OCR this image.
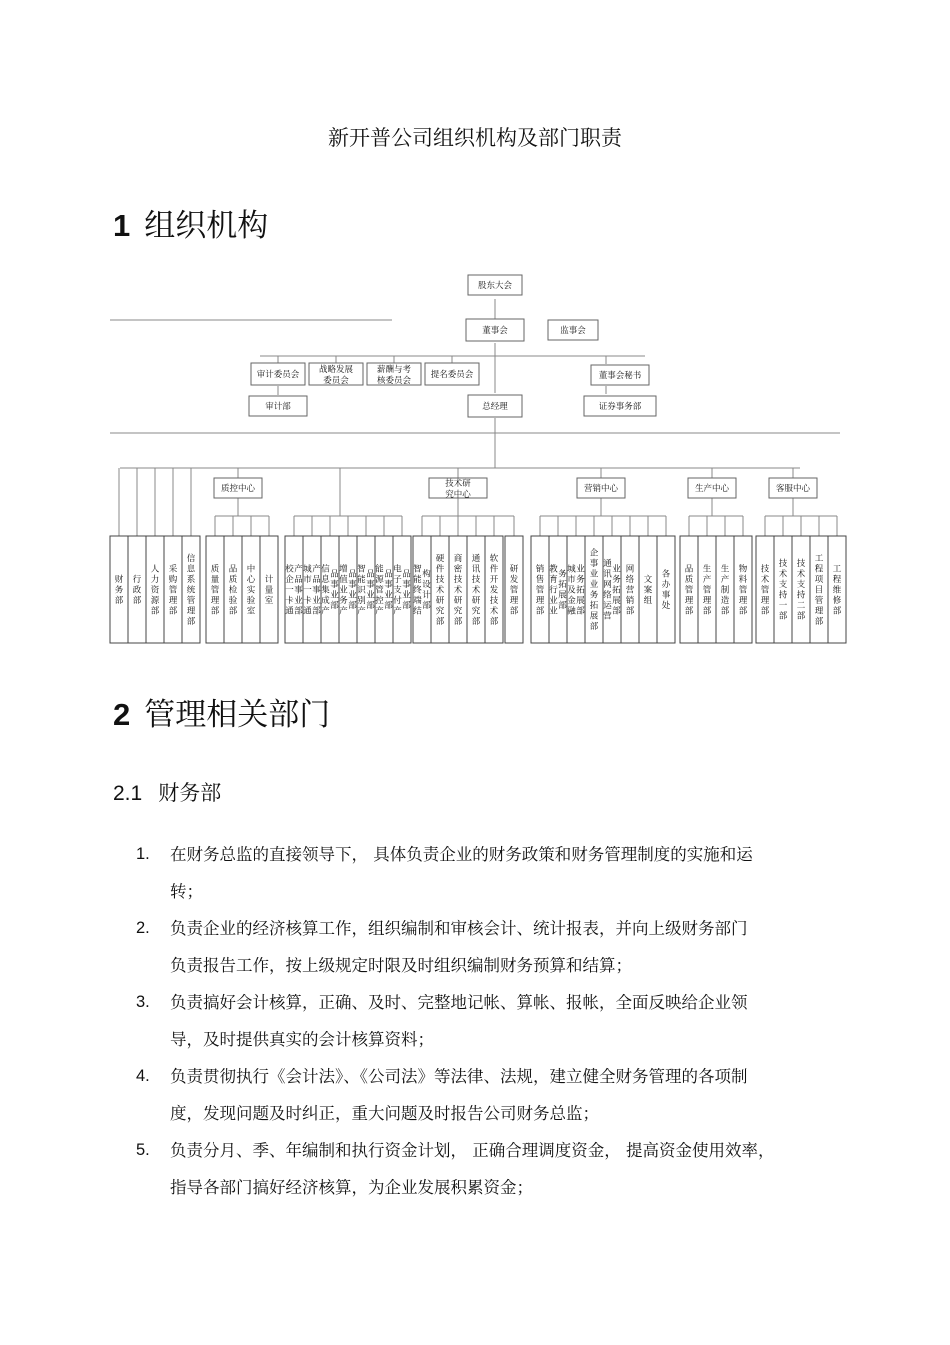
新开普公司组织机构及部门职责
1 组织机构
股东大会
董事会	监事会
审计委员会 战略发展委员会
薪酬与考核委员会
提名委员会	董事会秘书
审计部	总经理	证券事务部
财务部
行政部
人力资源部
采购管理部
信息系统管理部
质量管理部
品质检验部
中心实验室
计量室
校企一卡通产品事业部
城市一卡通产品事业部
信息集成产品事业部
增值业务产品事业部
智能识别产品事业部
能源管控产品事业部
电子支付产品事业部
智能终端结构设计部
硬件技术研究部
商密技术研究部
通讯技术研究部
软件开发技术部
研发管理部
销售管理部
教育行业业务拓展部
城市及金融业务拓展部
企事业业务拓展部
通讯网络运营业务拓展部
网络营销部
文案组
各办事处
品质管理部
生产管理部
生产制造部
物料管理部
技术管理部
技术支持一部
技术支持二部
工程项目管理部
工程维修部
质控中心	技术研究中心
营销中心	生产中心	客服中心
2 管理相关部门
2.1 财务部
1. 在财务总监的直接领导下， 具体负责企业的财务政策和财务管理制度的实施和运
转；
2. 负责企业的经济核算工作，组织编制和审核会计、统计报表，并向上级财务部门
负责报告工作，按上级规定时限及时组织编制财务预算和结算；
3. 负责搞好会计核算，正确、及时、完整地记帐、算帐、报帐，全面反映给企业领
导，及时提供真实的会计核算资料；
4. 负责贯彻执行《会计法》、《公司法》等法律、法规，建立健全财务管理的各项制
度，发现问题及时纠正，重大问题及时报告公司财务总监；
5. 负责分月、季、年编制和执行资金计划， 正确合理调度资金， 提高资金使用效率，
指导各部门搞好经济核算，为企业发展积累资金；
